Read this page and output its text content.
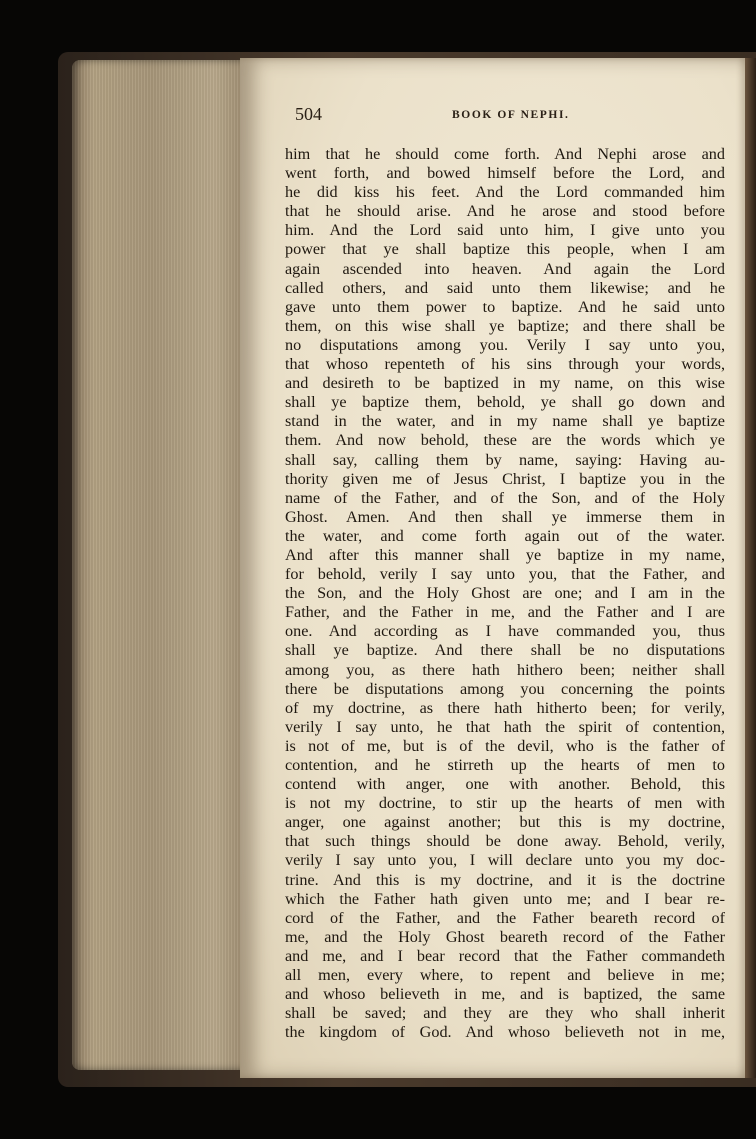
504	BOOK OF NEPHI.
him that he should come forth. And Nephi arose and
went forth, and bowed himself before the Lord, and
he did kiss his feet. And the Lord commanded him
that he should arise. And he arose and stood before
him. And the Lord said unto him, I give unto you
power that ye shall baptize this people, when I am
again ascended into heaven. And again the Lord
called others, and said unto them likewise; and he
gave unto them power to baptize. And he said unto
them, on this wise shall ye baptize; and there shall be
no disputations among you. Verily I say unto you,
that whoso repenteth of his sins through your words,
and desireth to be baptized in my name, on this wise
shall ye baptize them, behold, ye shall go down and
stand in the water, and in my name shall ye baptize
them. And now behold, these are the words which ye
shall say, calling them by name, saying: Having au-
thority given me of Jesus Christ, I baptize you in the
name of the Father, and of the Son, and of the Holy
Ghost. Amen. And then shall ye immerse them in
the water, and come forth again out of the water.
And after this manner shall ye baptize in my name,
for behold, verily I say unto you, that the Father, and
the Son, and the Holy Ghost are one; and I am in the
Father, and the Father in me, and the Father and I are
one. And according as I have commanded you, thus
shall ye baptize. And there shall be no disputations
among you, as there hath hithero been; neither shall
there be disputations among you concerning the points
of my doctrine, as there hath hitherto been; for verily,
verily I say unto, he that hath the spirit of contention,
is not of me, but is of the devil, who is the father of
contention, and he stirreth up the hearts of men to
contend with anger, one with another. Behold, this
is not my doctrine, to stir up the hearts of men with
anger, one against another; but this is my doctrine,
that such things should be done away. Behold, verily,
verily I say unto you, I will declare unto you my doc-
trine. And this is my doctrine, and it is the doctrine
which the Father hath given unto me; and I bear re-
cord of the Father, and the Father beareth record of
me, and the Holy Ghost beareth record of the Father
and me, and I bear record that the Father commandeth
all men, every where, to repent and believe in me;
and whoso believeth in me, and is baptized, the same
shall be saved; and they are they who shall inherit
the kingdom of God. And whoso believeth not in me,
